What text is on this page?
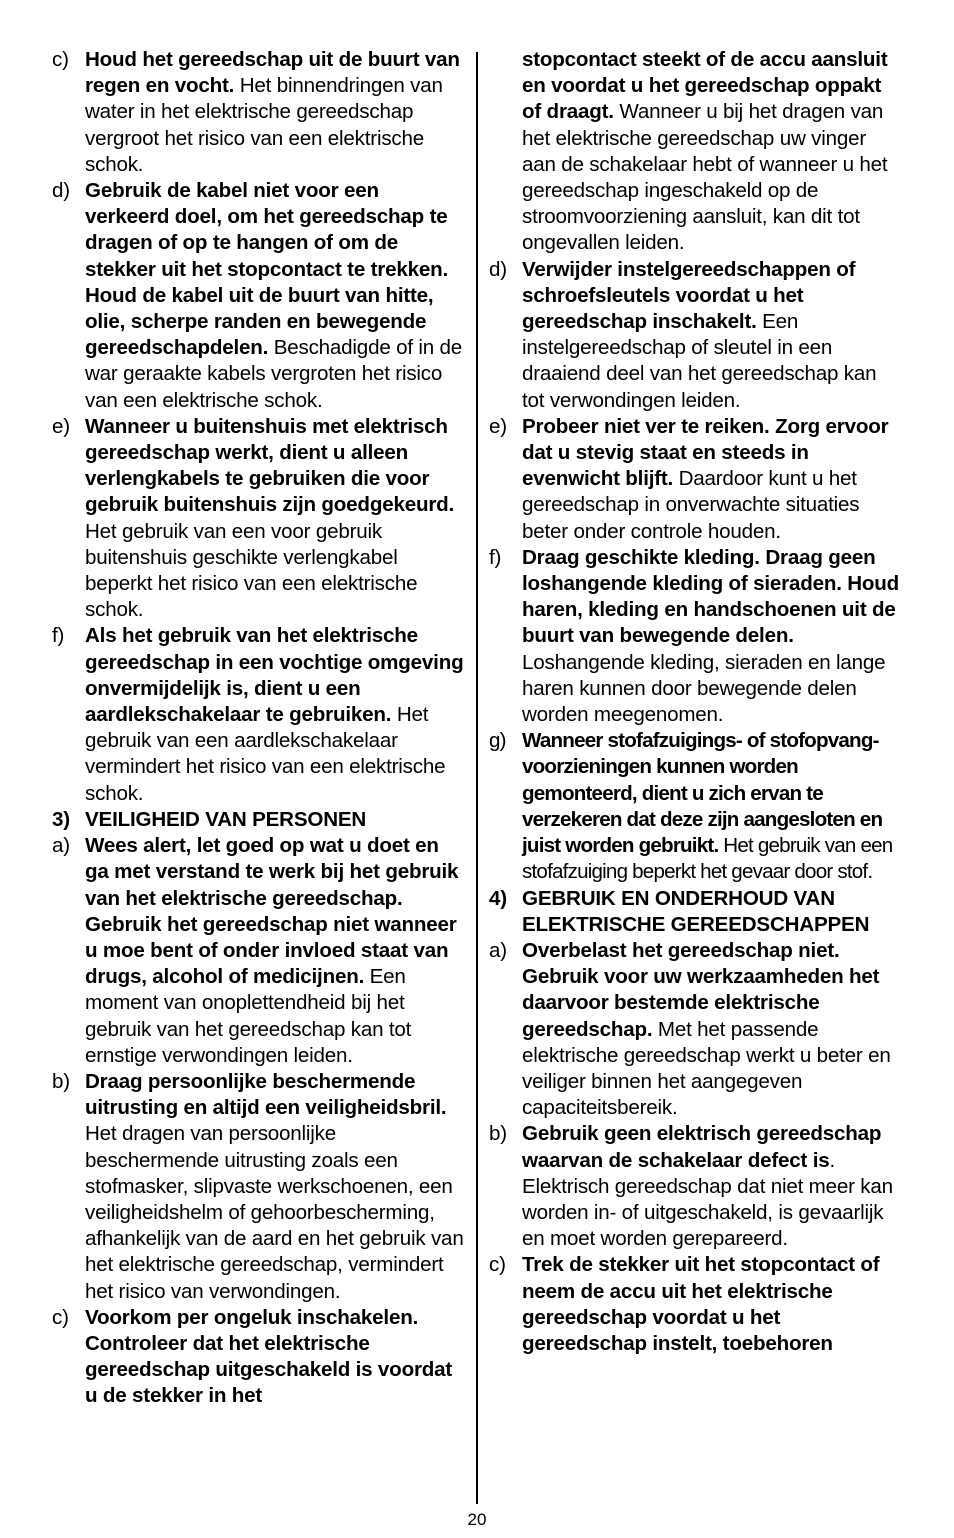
c) Houd het gereedschap uit de buurt van regen en vocht. Het binnendringen van water in het elektrische gereedschap vergroot het risico van een elektrische schok.
d) Gebruik de kabel niet voor een verkeerd doel, om het gereedschap te dragen of op te hangen of om de stekker uit het stopcontact te trekken. Houd de kabel uit de buurt van hitte, olie, scherpe randen en bewegende gereedschapdelen. Beschadigde of in de war geraakte kabels vergroten het risico van een elektrische schok.
e) Wanneer u buitenshuis met elektrisch gereedschap werkt, dient u alleen verlengkabels te gebruiken die voor gebruik buitenshuis zijn goedgekeurd. Het gebruik van een voor gebruik buitenshuis geschikte verlengkabel beperkt het risico van een elektrische schok.
f) Als het gebruik van het elektrische gereedschap in een vochtige omgeving onvermijdelijk is, dient u een aardlekschakelaar te gebruiken. Het gebruik van een aardlekschakelaar vermindert het risico van een elektrische schok.
3) VEILIGHEID VAN PERSONEN
a) Wees alert, let goed op wat u doet en ga met verstand te werk bij het gebruik van het elektrische gereedschap. Gebruik het gereedschap niet wanneer u moe bent of onder invloed staat van drugs, alcohol of medicijnen. Een moment van onoplettendheid bij het gebruik van het gereedschap kan tot ernstige verwondingen leiden.
b) Draag persoonlijke beschermende uitrusting en altijd een veiligheidsbril. Het dragen van persoonlijke beschermende uitrusting zoals een stofmasker, slipvaste werkschoenen, een veiligheidshelm of gehoorbescherming, afhankelijk van de aard en het gebruik van het elektrische gereedschap, vermindert het risico van verwondingen.
c) Voorkom per ongeluk inschakelen. Controleer dat het elektrische gereedschap uitgeschakeld is voordat u de stekker in het
stopcontact steekt of de accu aansluit en voordat u het gereedschap oppakt of draagt. Wanneer u bij het dragen van het elektrische gereedschap uw vinger aan de schakelaar hebt of wanneer u het gereedschap ingeschakeld op de stroomvoorziening aansluit, kan dit tot ongevallen leiden.
d) Verwijder instelgereedschappen of schroefsleutels voordat u het gereedschap inschakelt. Een instelgereedschap of sleutel in een draaiend deel van het gereedschap kan tot verwondingen leiden.
e) Probeer niet ver te reiken. Zorg ervoor dat u stevig staat en steeds in evenwicht blijft. Daardoor kunt u het gereedschap in onverwachte situaties beter onder controle houden.
f) Draag geschikte kleding. Draag geen loshangende kleding of sieraden. Houd haren, kleding en handschoenen uit de buurt van bewegende delen. Loshangende kleding, sieraden en lange haren kunnen door bewegende delen worden meegenomen.
g) Wanneer stofafzuigings- of stofopvang-voorzieningen kunnen worden gemonteerd, dient u zich ervan te verzekeren dat deze zijn aangesloten en juist worden gebruikt. Het gebruik van een stofafzuiging beperkt het gevaar door stof.
4) GEBRUIK EN ONDERHOUD VAN ELEKTRISCHE GEREEDSCHAPPEN
a) Overbelast het gereedschap niet. Gebruik voor uw werkzaamheden het daarvoor bestemde elektrische gereedschap. Met het passende elektrische gereedschap werkt u beter en veiliger binnen het aangegeven capaciteitsbereik.
b) Gebruik geen elektrisch gereedschap waarvan de schakelaar defect is. Elektrisch gereedschap dat niet meer kan worden in- of uitgeschakeld, is gevaarlijk en moet worden gerepareerd.
c) Trek de stekker uit het stopcontact of neem de accu uit het elektrische gereedschap voordat u het gereedschap instelt, toebehoren
20
